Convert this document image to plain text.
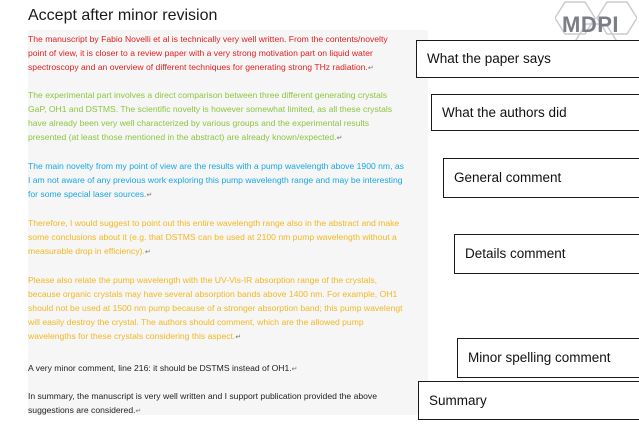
Accept after minor revision	MDPI
The manuscript by Fabio Novelli et al is technically very well written. From the contents/novelty
point of view, it is closer to a review paper with a very strong motivation part on liquid water
spectroscopy and an overview of different techniques for generating strong THz radiation.↵
The experimental part involves a direct comparison between three different generating crystals
GaP, OH1 and DSTMS. The scientific novelty is however somewhat limited, as all these crystals
have already been very well characterized by various groups and the experimental results
presented (at least those mentioned in the abstract) are already known/expected.↵
The main novelty from my point of view are the results with a pump wavelength above 1900 nm, as
I am not aware of any previous work exploring this pump wavelength range and may be interesting
for some special laser sources.↵
Therefore, I would suggest to point out this entire wavelength range also in the abstract and make
some conclusions about it (e.g. that DSTMS can be used at 2100 nm pump wavelength without a
measurable drop in efficiency).↵
Please also relate the pump wavelength with the UV-Vis-IR absorption range of the crystals,
because organic crystals may have several absorption bands above 1400 nm. For example, OH1
should not be used at 1500 nm pump because of a stronger absorption band; this pump wavelengt
will easily destroy the crystal. The authors should comment, which are the allowed pump
wavelengths for these crystals considering this aspect.↵
A very minor comment, line 216: it should be DSTMS instead of OH1.↵
In summary, the manuscript is very well written and I support publication provided the above
suggestions are considered.↵
What the paper says
What the authors did
General comment
Details comment
Minor spelling comment
Summary
